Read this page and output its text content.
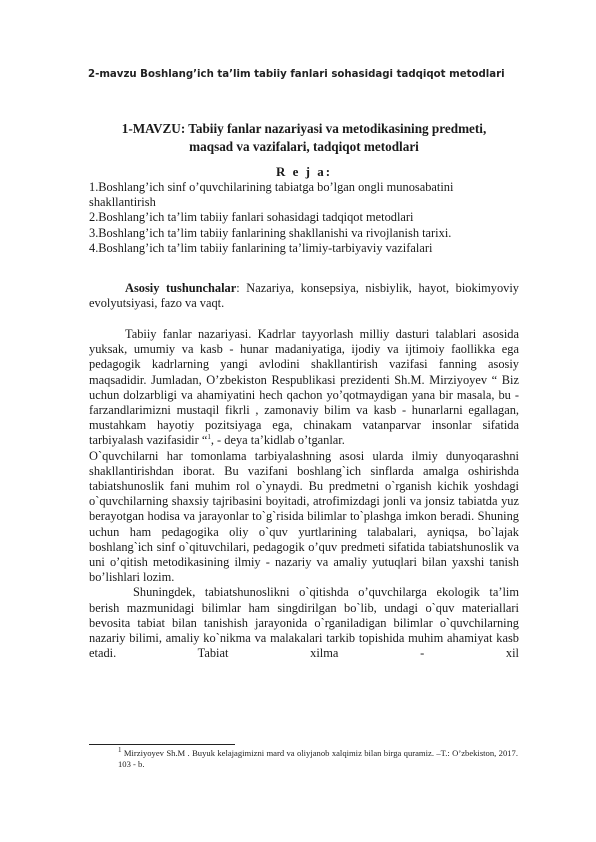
2-mavzu Boshlang’ich ta’lim tabiiy fanlari sohasidagi tadqiqot metodlari
1-MAVZU: Tabiiy fanlar nazariyasi va metodikasining predmeti,
maqsad va vazifalari, tadqiqot metodlari
R e j a:
1.Boshlang’ich sinf o’quvchilarining tabiatga bo’lgan ongli munosabatini shakllantirish
2.Boshlang’ich ta’lim tabiiy fanlari sohasidagi tadqiqot metodlari
3.Boshlang’ich ta’lim tabiiy fanlarining shakllanishi va rivojlanish tarixi.
4.Boshlang’ich ta’lim tabiiy fanlarining ta’limiy-tarbiyaviy vazifalari
Asosiy tushunchalar: Nazariya, konsepsiya, nisbiylik, hayot, biokimyoviy evolyutsiyasi, fazo va vaqt.
Tabiiy fanlar nazariyasi. Kadrlar tayyorlash milliy dasturi talablari asosida yuksak, umumiy va kasb - hunar madaniyatiga, ijodiy va ijtimoiy faollikka ega pedagogik kadrlarning yangi avlodini shakllantirish vazifasi fanning asosiy maqsadidir. Jumladan, O’zbekiston Respublikasi prezidenti Sh.M. Mirziyoyev “ Biz uchun dolzarbligi va ahamiyatini hech qachon yo’qotmaydigan yana bir masala, bu - farzandlarimizni mustaqil fikrli , zamonaviy bilim va kasb - hunarlarni egallagan, mustahkam hayotiy pozitsiyaga ega, chinakam vatanparvar insonlar sifatida tarbiyalash vazifasidir “$^1$, - deya ta’kidlab o’tganlar.
O`quvchilarni har tomonlama tarbiyalashning asosi ularda ilmiy dunyoqarashni shakllantirishdan iborat. Bu vazifani boshlang`ich sinflarda amalga oshirishda tabiatshunoslik fani muhim rol o`ynaydi. Bu predmetni o`rganish kichik yoshdagi o`quvchilarning shaxsiy tajribasini boyitadi, atrofimizdagi jonli va jonsiz tabiatda yuz berayotgan hodisa va jarayonlar to`g`risida bilimlar to`plashga imkon beradi. Shuning uchun ham pedagogika oliy o`quv yurtlarining talabalari, ayniqsa, bo`lajak boshlang`ich sinf o`qituvchilari, pedagogik o’quv predmeti sifatida tabiatshunoslik va uni o’qitish metodikasining ilmiy - nazariy va amaliy yutuqlari bilan yaxshi tanish bo’lishlari lozim.
Shuningdek, tabiatshunoslikni o`qitishda o’quvchilarga ekologik ta’lim berish mazmunidagi bilimlar ham singdirilgan bo`lib, undagi o`quv materiallari bevosita tabiat bilan tanishish jarayonida o`rganiladigan bilimlar o`quvchilarning nazariy bilimi, amaliy ko`nikma va malakalari tarkib topishida muhim ahamiyat kasb etadi. Tabiat xilma - xil
$^1$ Mirziyoyev Sh.M . Buyuk kelajagimizni mard va oliyjanob xalqimiz bilan birga quramiz. –T.: O’zbekiston, 2017. 103 - b.
